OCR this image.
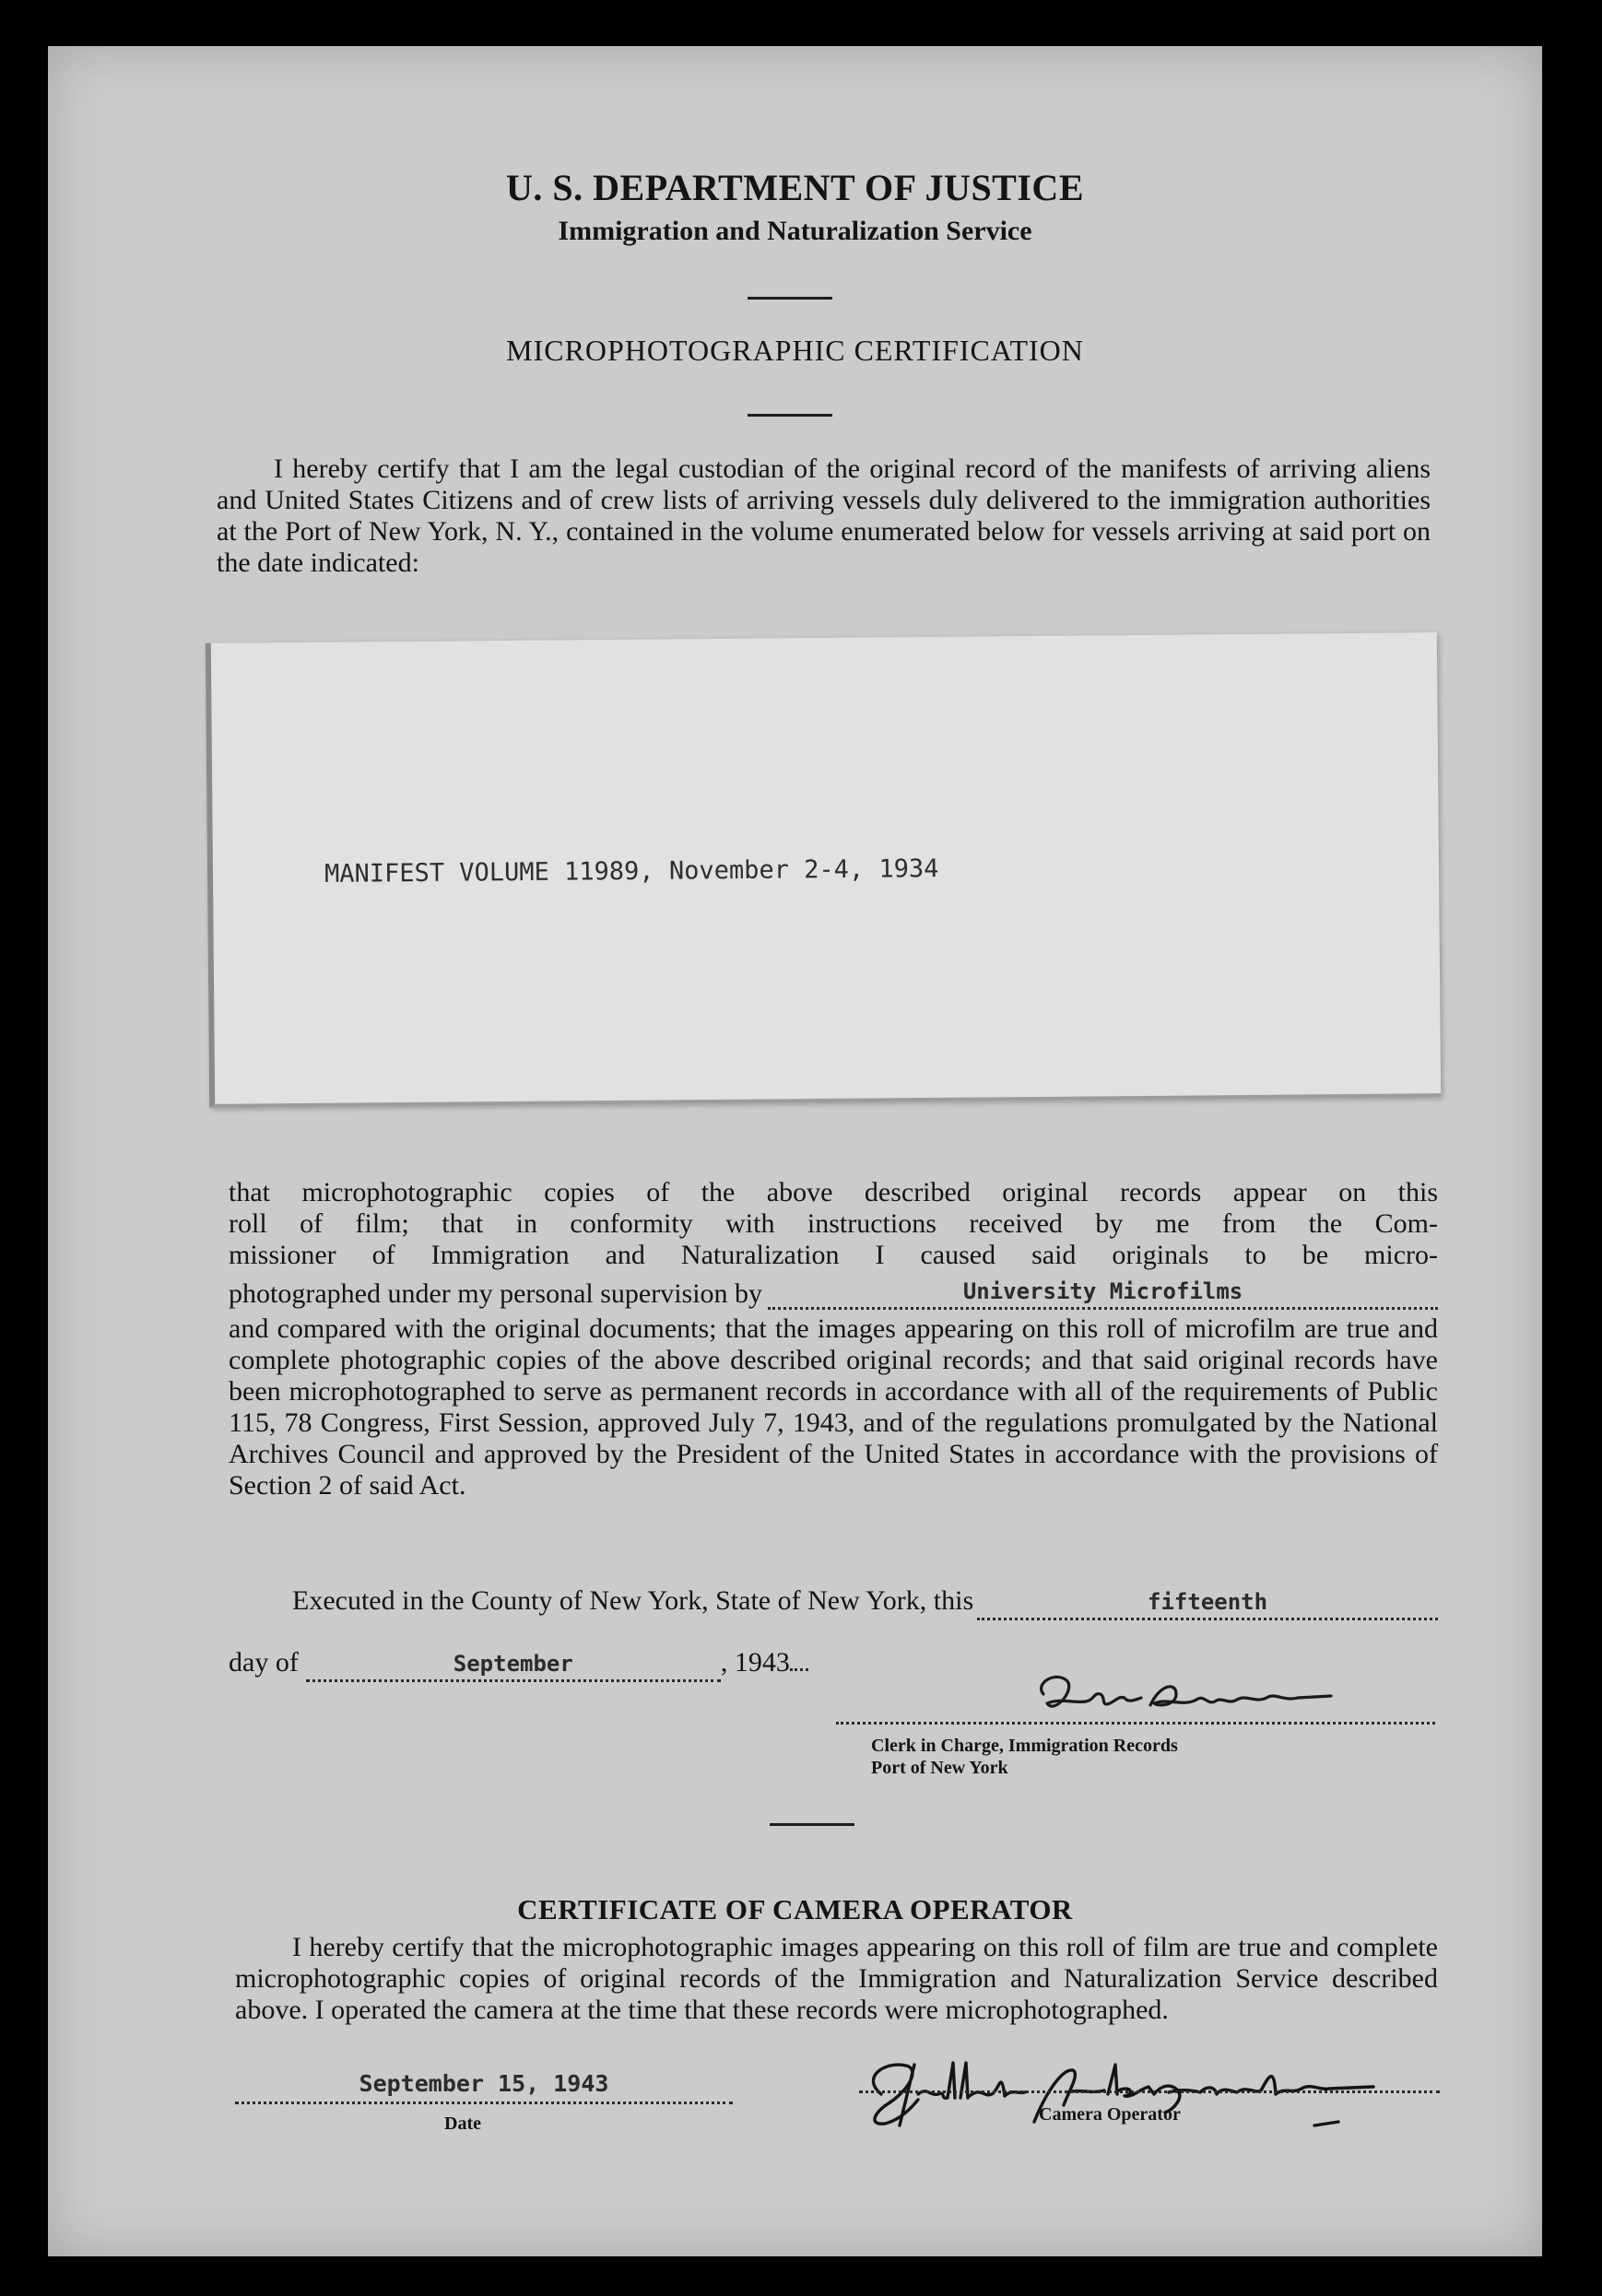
U. S. DEPARTMENT OF JUSTICE
Immigration and Naturalization Service
MICROPHOTOGRAPHIC CERTIFICATION
I hereby certify that I am the legal custodian of the original record of the manifests of arriving aliens and United States Citizens and of crew lists of arriving vessels duly delivered to the immigration authorities at the Port of New York, N. Y., contained in the volume enumerated below for vessels arriving at said port on the date indicated:
MANIFEST VOLUME 11989, November 2-4, 1934
that microphotographic copies of the above described original records appear on this
roll of film; that in conformity with instructions received by me from the Com-
missioner of Immigration and Naturalization I caused said originals to be micro-
photographed under my personal supervision by	University Microfilms
and compared with the original documents; that the images appearing on this roll of microfilm are true and complete photographic copies of the above described original records; and that said original records have been microphotographed to serve as permanent records in accordance with all of the requirements of Public 115, 78 Congress, First Session, approved July 7, 1943, and of the regulations promulgated by the National Archives Council and approved by the President of the United States in accordance with the provisions of Section 2 of said Act.
Executed in the County of New York, State of New York, this	fifteenth
day of	September	, 1943
Clerk in Charge, Immigration Records
Port of New York
CERTIFICATE OF CAMERA OPERATOR
I hereby certify that the microphotographic images appearing on this roll of film are true and complete microphotographic copies of original records of the Immigration and Naturalization Service described above. I operated the camera at the time that these records were microphotographed.
September 15, 1943
Date	Camera Operator
